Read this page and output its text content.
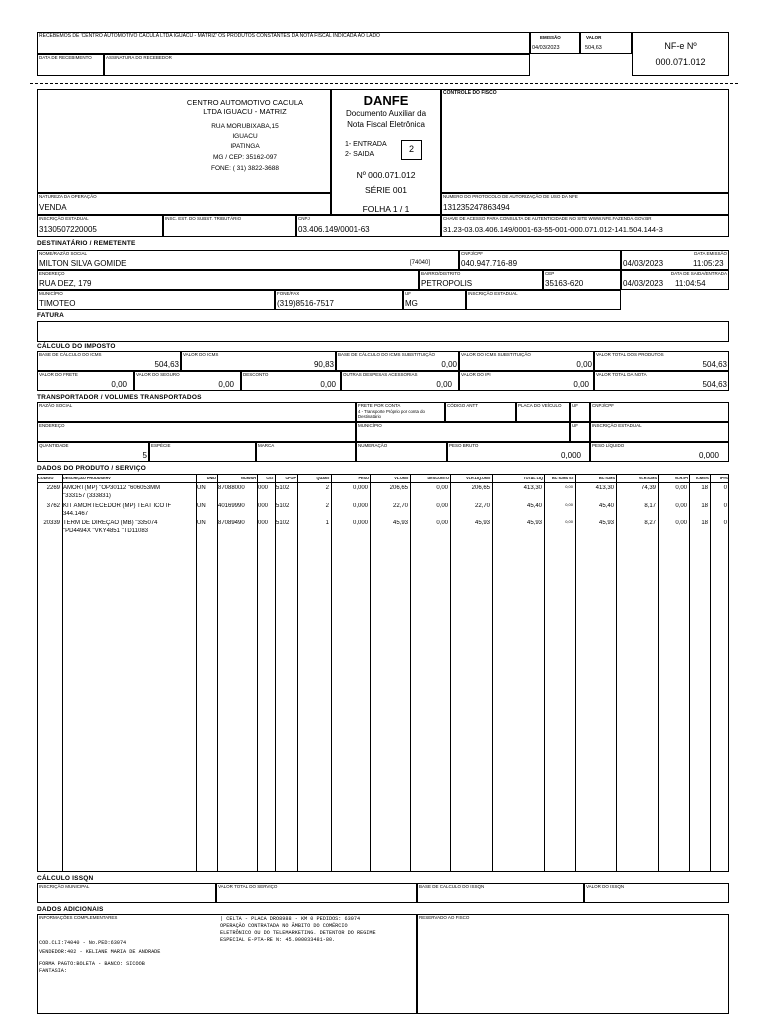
RECEBEMOS DE 'CENTRO AUTOMOTIVO CACULA LTDA IGUACU - MATRIZ' OS PRODUTOS CONSTANTES DA NOTA FISCAL INDICADA AO LADO	EMISSÃO
04/03/2023
VALOR
504,63
DATA DE RECEBIMENTO	ASSINATURA DO RECEBEDOR
NF-e Nº
000.071.012
CENTRO AUTOMOTIVO CACULA
LTDA IGUACU - MATRIZ
RUA MORUBIXABA,15
IGUACU
IPATINGA
MG / CEP: 35162-097
FONE: ( 31) 3822-3688
DANFE
Documento Auxiliar da
Nota Fiscal Eletrônica
1- ENTRADA
2- SAIDA
2
Nº 000.071.012
SÉRIE 001
FOLHA 1 / 1
CONTROLE DO FISCO
NATUREZA DA OPERAÇÃO
VENDA
NUMERO DO PROTOCOLO DE AUTORIZAÇÃO DE USO DA NFE
131235247863494
INSCRIÇÃO ESTADUAL
3130507220005
INSC. EST. DO SUBST. TRIBUTÁRIO	CNPJ
03.406.149/0001-63
CHAVE DE ACESSO PARA CONSULTA DE AUTENTICIDADE NO SITE WWW.NFE.FAZENDA.GOV.BR
31.23-03.03.406.149/0001-63-55-001-000.071.012-141.504.144-3
DESTINATÁRIO / REMETENTE
NOME/RAZÃO SOCIAL
MILTON SILVA GOMIDE	[74040]
CNPJ/CPF
040.947.716-89
DATA EMISSÃO
04/03/2023	11:05:23
ENDEREÇO
RUA DEZ, 179
BAIRRO/DISTRITO
PETROPOLIS
CEP
35163-620
DATA DE SAIDA/ENTRADA
04/03/2023 11:04:54
MUNICÍPIO
TIMOTEO
FONE/FAX
(319)8516-7517
UF
MG
INSCRIÇÃO ESTADUAL
FATURA
CÁLCULO DO IMPOSTO
BASE DE CÁLCULO DO ICMS
504,63
VALOR DO ICMS
90,83
BASE DE CÁLCULO DO ICMS SUBSTITUIÇÃO
0,00
VALOR DO ICMS SUBSTITUIÇÃO
0,00
VALOR TOTAL DOS PRODUTOS
504,63
VALOR DO FRETE
0,00
VALOR DO SEGURO
0,00
DESCONTO
0,00
OUTRAS DESPESAS ACESSORIAS
0,00
VALOR DO IPI
0,00
VALOR TOTAL DA NOTA
504,63
TRANSPORTADOR / VOLUMES TRANSPORTADOS
RAZÃO SOCIAL	FRETE POR CONTA
4 - Transporte Próprio por conta do
Destinatário
CÓDIGO ANTT	PLACA DO VEÍCULO UF	CNPJ/CPF
ENDEREÇO	MUNICÍPIO	UF	INSCRIÇÃO ESTADUAL
QUANTIDADE
5
ESPÉCIE	MARCA	NUMERAÇÃO	PESO BRUTO
0,000
PESO LÍQUIDO
0,000
DADOS DO PRODUTO / SERVIÇO
CÓDIGO	DESCRIÇÃO PRODUSERV	UNID	NCM/SH	CST	CFOP	QUANT	PESO	VL.UNIT	DESCONTO	VLR.LÍQ.UNIT	TOTAL LÍQ	BC ICMS ST	BC ICMS	VLR.ICMS	VLR.IPI	ICMS%	IPI%
2269 AMORT(MP) "OP30112 "606053MM
"333157 (333831)
UN	87088000	000	5102	2	0,000	206,65	0,00	206,65	413,30	0,00	413,30	74,39	0,00	18	0
3762 KIT AMORTECEDOR (MP) TEAT ICO IF
344.1467
UN	40169990	000	5102	2	0,000	22,70	0,00	22,70	45,40	0,00	45,40	8,17	0,00	18	0
20339 TERM DE DIREÇÃO (MB) "335074
"PD4494X "VKY4851 "TD11083
UN	87089490	000	5102	1	0,000	45,93	0,00	45,93	45,93	0,00	45,93	8,27	0,00	18	0
CÁLCULO ISSQN
INSCRIÇÃO MUNICIPAL	VALOR TOTAL DO SERVIÇO	BASE DE CALCULO DO ISSQN	VALOR DO ISSQN
DADOS ADICIONAIS
INFORMAÇÕES COMPLEMENTARES	RESERVADO AO FISCO
COD.CLI:74040 - No.PED:63074
VENDEDOR:402 - KELIANE MARIA DE ANDRADE
FORMA PAGTO:BOLETA - BANCO: SICOOB
FANTASIA:
| CELTA - PLACA DRO8988 - KM 0 PEDIDOS: 63074
OPERAÇÃO CONTRATADA NO ÂMBITO DO COMÉRCIO
ELETRÔNICO OU DO TELEMARKETING. DETENTOR DO REGIME
ESPECIAL E-PTA-RE N: 45.000033481-80.
